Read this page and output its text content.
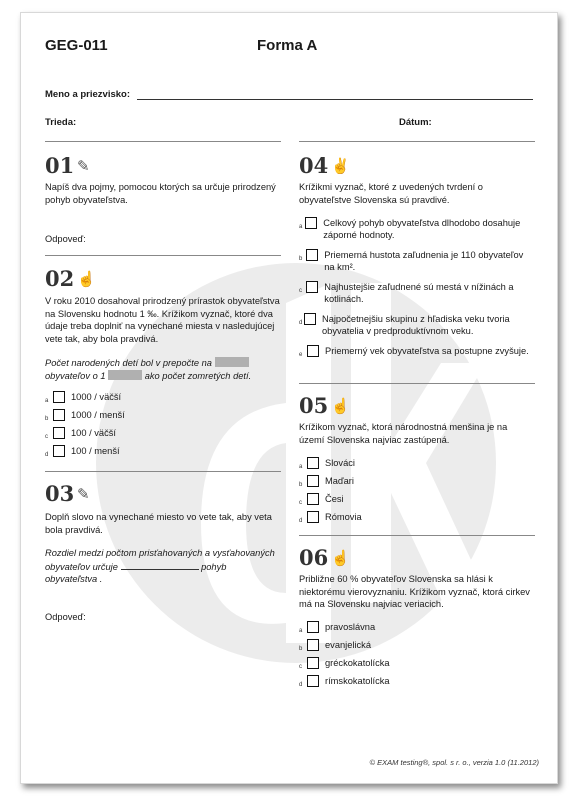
GEG-011	Forma A
Meno a priezvisko:
Trieda:	Dátum:
01 ✎
Napíš dva pojmy, pomocou ktorých sa určuje prirodzený pohyb obyvateľstva.
Odpoveď:
02 ☝
V roku 2010 dosahoval prirodzený prírastok obyvateľstva na Slovensku hodnotu 1 ‰. Krížikom vyznač, ktoré dva údaje treba doplniť na vynechané miesta v nasledujúcej vete tak, aby bola pravdivá.
Počet narodených detí bol v prepočte na  obyvateľov o 1	ako počet zomretých detí.
a	1000 / väčší
b	1000 / menší
c	100 / väčší
d	100 / menší
03 ✎
Doplň slovo na vynechané miesto vo vete tak, aby veta bola pravdivá.
Rozdiel medzi počtom prisťahovaných a vysťahovaných obyvateľov určuje	pohyb obyvateľstva .
Odpoveď:
04 ✌
Krížikmi vyznač, ktoré z uvedených tvrdení o obyvateľstve Slovenska sú pravdivé.
a	Celkový pohyb obyvateľstva dlhodobo dosahuje záporné hodnoty.
b	Priemerná hustota zaľudnenia je 110 obyvateľov na km².
c	Najhustejšie zaľudnené sú mestá v nížinách a kotlinách.
d Najpočetnejšiu skupinu z hľadiska veku tvoria obyvatelia v predproduktívnom veku.
e	Priemerný vek obyvateľstva sa postupne zvyšuje.
05 ☝
Krížikom vyznač, ktorá národnostná menšina je na území Slovenska najviac zastúpená.
a	Slováci
b	Maďari
c	Česi
d	Rómovia
06 ☝
Približne 60 % obyvateľov Slovenska sa hlási k niektorému vierovyznaniu. Krížikom vyznač, ktorá cirkev má na Slovensku najviac veriacich.
a	pravoslávna
b	evanjelická
c	gréckokatolícka
d	rímskokatolícka
© EXAM testing®, spol. s r. o., verzia 1.0 (11.2012)
